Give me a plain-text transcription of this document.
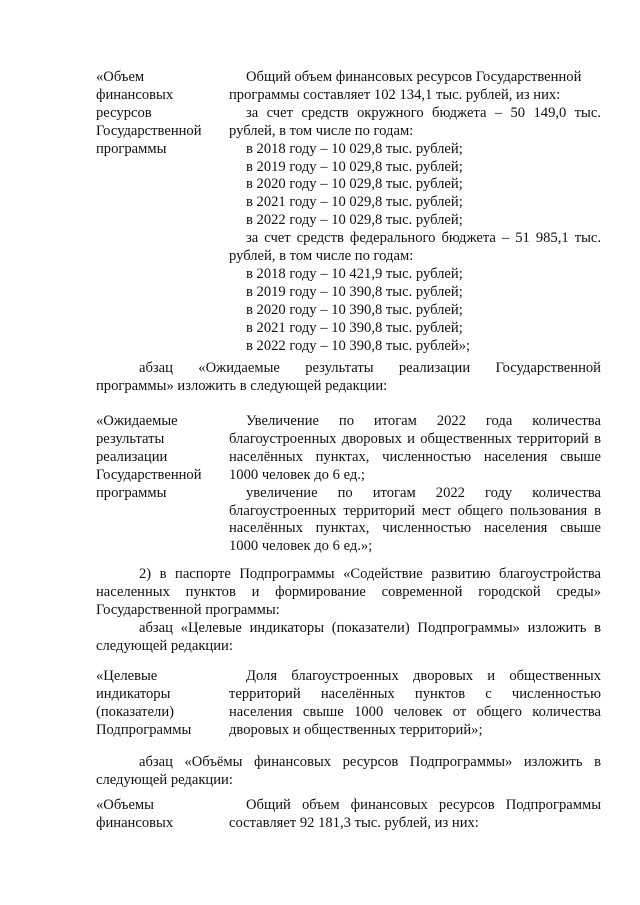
«Объем
финансовых
ресурсов
Государственной
программы
Общий объем финансовых ресурсов Государственной
программы составляет 102 134,1 тыс. рублей, из них:
за счет средств окружного бюджета – 50 149,0 тыс.
рублей, в том числе по годам:
в 2018 году – 10 029,8 тыс. рублей;
в 2019 году – 10 029,8 тыс. рублей;
в 2020 году – 10 029,8 тыс. рублей;
в 2021 году – 10 029,8 тыс. рублей;
в 2022 году – 10 029,8 тыс. рублей;
за счет средств федерального бюджета – 51 985,1 тыс.
рублей, в том числе по годам:
в 2018 году – 10 421,9 тыс. рублей;
в 2019 году – 10 390,8 тыс. рублей;
в 2020 году – 10 390,8 тыс. рублей;
в 2021 году – 10 390,8 тыс. рублей;
в 2022 году – 10 390,8 тыс. рублей»;
абзац «Ожидаемые результаты реализации Государственной
программы» изложить в следующей редакции:
«Ожидаемые
результаты
реализации
Государственной
программы
Увеличение по итогам 2022 года количества
благоустроенных дворовых и общественных территорий в
населённых пунктах, численностью населения свыше
1000 человек до 6 ед.;
увеличение по итогам 2022 году количества
благоустроенных территорий мест общего пользования в
населённых пунктах, численностью населения свыше
1000 человек до 6 ед.»;
2) в паспорте Подпрограммы «Содействие развитию благоустройства
населенных пунктов и формирование современной городской среды»
Государственной программы:
абзац «Целевые индикаторы (показатели) Подпрограммы» изложить в
следующей редакции:
«Целевые
индикаторы
(показатели)
Подпрограммы
Доля благоустроенных дворовых и общественных
территорий населённых пунктов с численностью
населения свыше 1000 человек от общего количества
дворовых и общественных территорий»;
абзац «Объёмы финансовых ресурсов Подпрограммы» изложить в
следующей редакции:
«Объемы
финансовых
Общий объем финансовых ресурсов Подпрограммы
составляет 92 181,3 тыс. рублей, из них:
